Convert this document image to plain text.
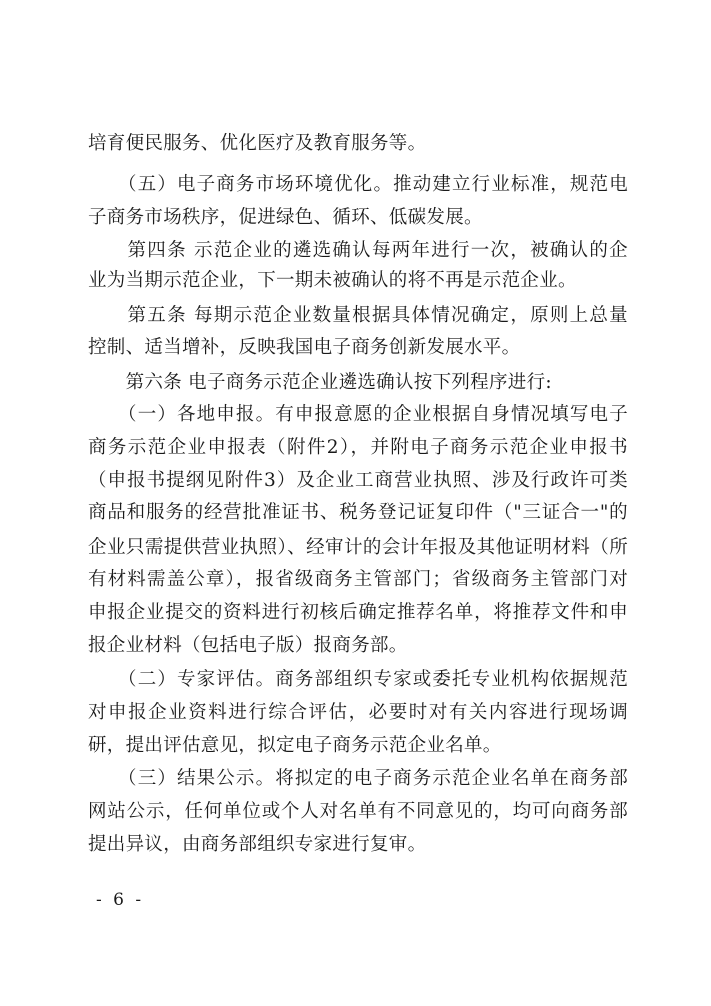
培育便民服务、优化医疗及教育服务等。
　　（五）电子商务市场环境优化。推动建立行业标准，规范电
子商务市场秩序，促进绿色、循环、低碳发展。
　　第四条 示范企业的遴选确认每两年进行一次，被确认的企
业为当期示范企业，下一期未被确认的将不再是示范企业。
　　第五条 每期示范企业数量根据具体情况确定，原则上总量
控制、适当增补，反映我国电子商务创新发展水平。
　　第六条 电子商务示范企业遴选确认按下列程序进行:
　　（一）各地申报。有申报意愿的企业根据自身情况填写电子
商务示范企业申报表（附件2），并附电子商务示范企业申报书
（申报书提纲见附件3）及企业工商营业执照、涉及行政许可类
商品和服务的经营批准证书、税务登记证复印件（"三证合一"的
企业只需提供营业执照）、经审计的会计年报及其他证明材料（所
有材料需盖公章），报省级商务主管部门；省级商务主管部门对
申报企业提交的资料进行初核后确定推荐名单，将推荐文件和申
报企业材料（包括电子版）报商务部。
　　（二）专家评估。商务部组织专家或委托专业机构依据规范
对申报企业资料进行综合评估，必要时对有关内容进行现场调
研，提出评估意见，拟定电子商务示范企业名单。
　　（三）结果公示。将拟定的电子商务示范企业名单在商务部
网站公示，任何单位或个人对名单有不同意见的，均可向商务部
提出异议，由商务部组织专家进行复审。
- 6 -
